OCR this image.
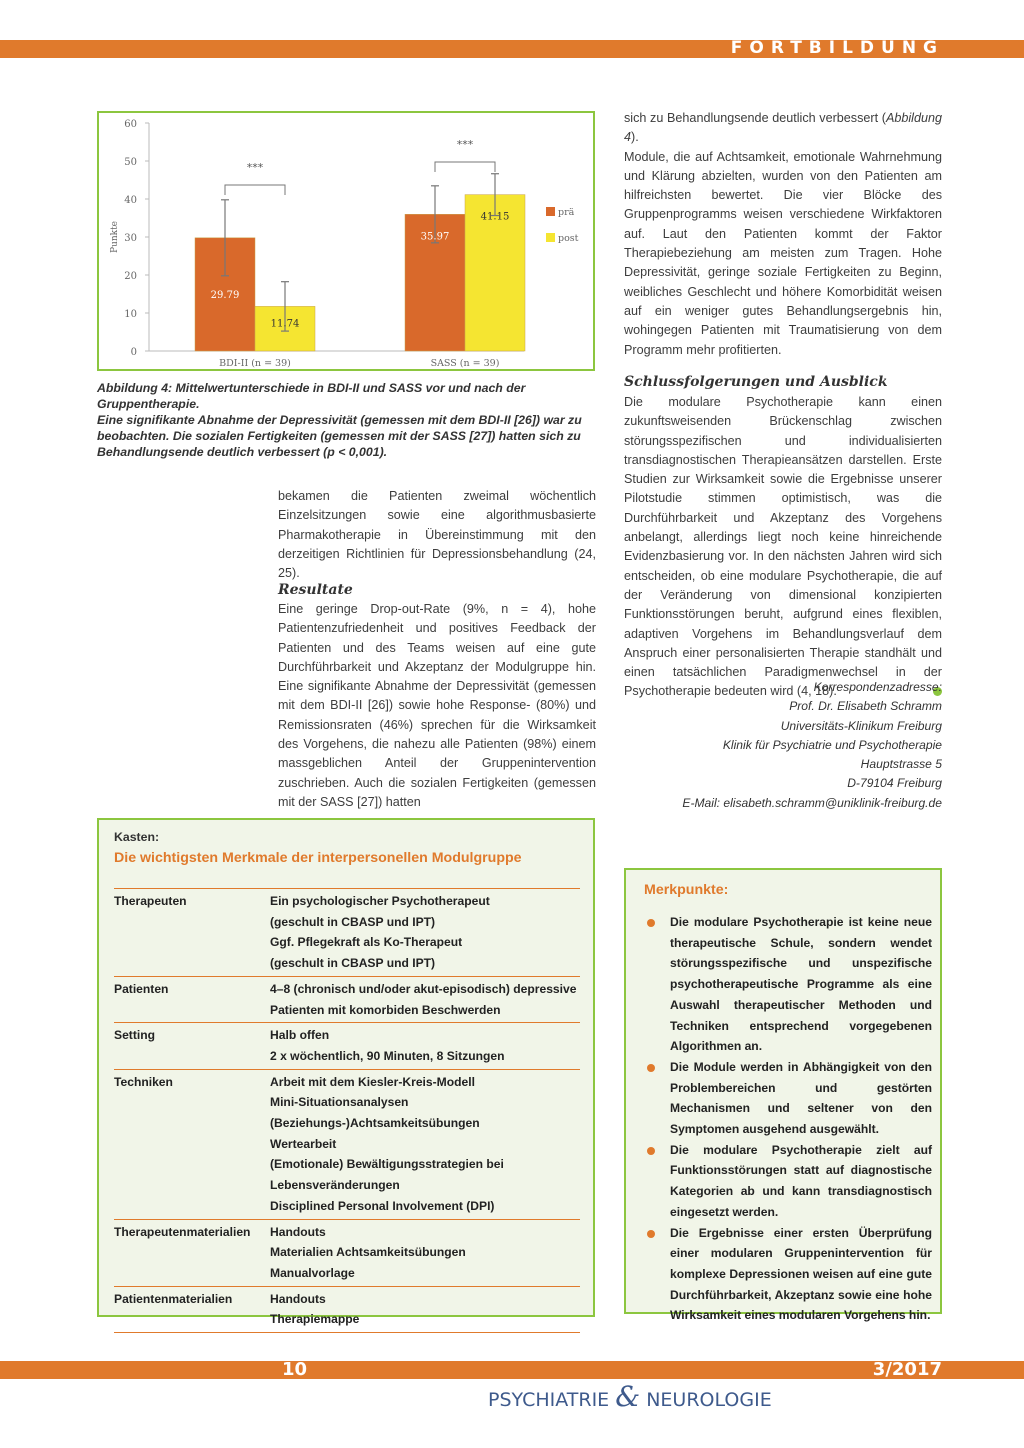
FORTBILDUNG
0
10
20
30
40
50
60
Punkte
29.79
11.74
***
BDI-II (n = 39)
35.97
41.15
***
SASS (n = 39)
prä
post
Abbildung 4: Mittelwertunterschiede in BDI-II und SASS vor und nach der Gruppentherapie.
Eine signifikante Abnahme der Depressivität (gemessen mit dem BDI-II [26]) war zu beobachten. Die sozialen Fertigkeiten (gemessen mit der SASS [27]) hatten sich zu Behandlungsende deutlich verbessert (p < 0,001).
bekamen die Patienten zweimal wöchentlich Einzelsitzungen sowie eine algorithmusbasierte Pharmakotherapie in Übereinstimmung mit den derzeitigen Richtlinien für Depressionsbehandlung (24, 25).
Resultate
Eine geringe Drop-out-Rate (9%, n = 4), hohe Patientenzufriedenheit und positives Feedback der Patienten und des Teams weisen auf eine gute Durchführbarkeit und Akzeptanz der Modulgruppe hin. Eine signifikante Abnahme der Depressivität (gemessen mit dem BDI-II [26]) sowie hohe Response- (80%) und Remissionsraten (46%) sprechen für die Wirksamkeit des Vorgehens, die nahezu alle Patienten (98%) einem massgeblichen Anteil der Gruppenintervention zuschrieben. Auch die sozialen Fertigkeiten (gemessen mit der SASS [27]) hatten
sich zu Behandlungsende deutlich verbessert (Abbildung 4).
Module, die auf Achtsamkeit, emotionale Wahrnehmung und Klärung abzielten, wurden von den Patienten am hilfreichsten bewertet. Die vier Blöcke des Gruppenprogramms weisen verschiedene Wirkfaktoren auf. Laut den Patienten kommt der Faktor Therapiebeziehung am meisten zum Tragen. Hohe Depressivität, geringe soziale Fertigkeiten zu Beginn, weibliches Geschlecht und höhere Komorbidität weisen auf ein weniger gutes Behandlungsergebnis hin, wohingegen Patienten mit Traumatisierung von dem Programm mehr profitierten.
Schlussfolgerungen und Ausblick
Die modulare Psychotherapie kann einen zukunftsweisenden Brückenschlag zwischen störungsspezifischen und individualisierten transdiagnostischen Therapieansätzen darstellen. Erste Studien zur Wirksamkeit sowie die Ergebnisse unserer Pilotstudie stimmen optimistisch, was die Durchführbarkeit und Akzeptanz des Vorgehens anbelangt, allerdings liegt noch keine hinreichende Evidenzbasierung vor. In den nächsten Jahren wird sich entscheiden, ob eine modulare Psychotherapie, die auf der Veränderung von dimensional konzipierten Funktionsstörungen beruht, aufgrund eines flexiblen, adaptiven Vorgehens im Behandlungsverlauf dem Anspruch einer personalisierten Therapie standhält und einen tatsächlichen Paradigmenwechsel in der Psychotherapie bedeuten wird (4, 18).
Korrespondenzadresse:
Prof. Dr. Elisabeth Schramm
Universitäts-Klinikum Freiburg
Klinik für Psychiatrie und Psychotherapie
Hauptstrasse 5
D-79104 Freiburg
E-Mail: elisabeth.schramm@uniklinik-freiburg.de
Kasten:
Die wichtigsten Merkmale der interpersonellen Modulgruppe
Therapeuten	Ein psychologischer Psychotherapeut
(geschult in CBASP und IPT)
Ggf. Pflegekraft als Ko-Therapeut
(geschult in CBASP und IPT)
Patienten	4–8 (chronisch und/oder akut-episodisch) depressive
Patienten mit komorbiden Beschwerden
Setting	Halb offen
2 x wöchentlich, 90 Minuten, 8 Sitzungen
Techniken	Arbeit mit dem Kiesler-Kreis-Modell
Mini-Situationsanalysen
(Beziehungs-)Achtsamkeitsübungen
Wertearbeit
(Emotionale) Bewältigungsstrategien bei
Lebensveränderungen
Disciplined Personal Involvement (DPI)
Therapeutenmaterialien	Handouts
Materialien Achtsamkeitsübungen
Manualvorlage
Patientenmaterialien	Handouts
Therapiemappe
Merkpunkte:
Die modulare Psychotherapie ist keine neue therapeutische Schule, sondern wendet störungsspezifische und unspezifische psychotherapeutische Programme als eine Auswahl therapeutischer Methoden und Techniken entsprechend vorgegebenen Algorithmen an.
Die Module werden in Abhängigkeit von den Problembereichen und gestörten Mechanismen und seltener von den Symptomen ausgehend ausgewählt.
Die modulare Psychotherapie zielt auf Funktionsstörungen statt auf diagnostische Kategorien ab und kann transdiagnostisch eingesetzt werden.
Die Ergebnisse einer ersten Überprüfung einer modularen Gruppenintervention für komplexe Depressionen weisen auf eine gute Durchführbarkeit, Akzeptanz sowie eine hohe Wirksamkeit eines modularen Vorgehens hin.
10	3/2017
PSYCHIATRIE & NEUROLOGIE
